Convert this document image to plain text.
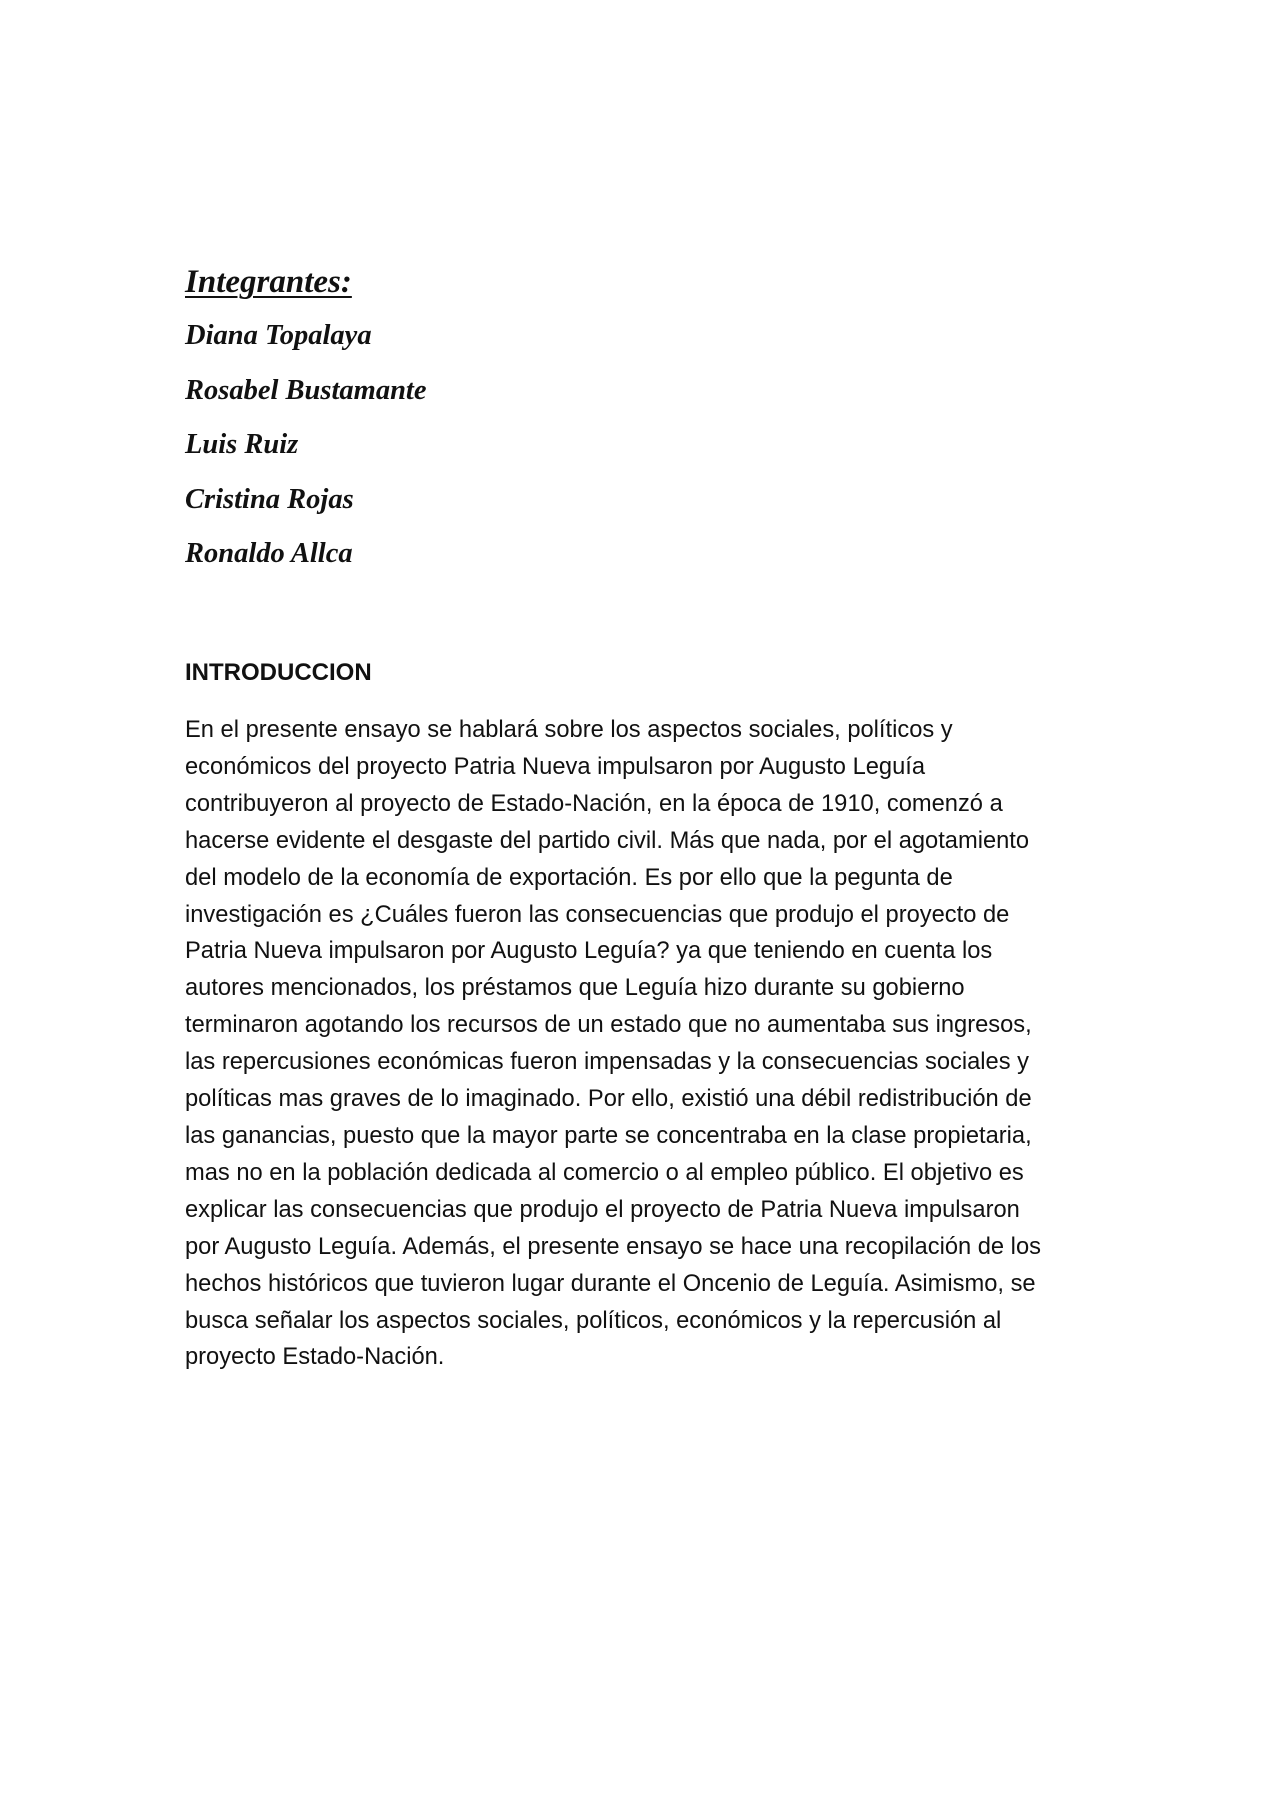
Integrantes:
Diana Topalaya
Rosabel Bustamante
Luis Ruiz
Cristina Rojas
Ronaldo Allca
INTRODUCCION

En el presente ensayo se hablará sobre los aspectos sociales, políticos y
económicos del proyecto Patria Nueva impulsaron por Augusto Leguía
contribuyeron al proyecto de Estado-Nación, en la época de 1910, comenzó a
hacerse evidente el desgaste del partido civil. Más que nada, por el agotamiento
del modelo de la economía de exportación. Es por ello que la pegunta de
investigación es ¿Cuáles fueron las consecuencias que produjo el proyecto de
Patria Nueva impulsaron por Augusto Leguía? ya que teniendo en cuenta los
autores mencionados, los préstamos que Leguía hizo durante su gobierno
terminaron agotando los recursos de un estado que no aumentaba sus ingresos,
las repercusiones económicas fueron impensadas y la consecuencias sociales y
políticas mas graves de lo imaginado. Por ello, existió una débil redistribución de
las ganancias, puesto que la mayor parte se concentraba en la clase propietaria,
mas no en la población dedicada al comercio o al empleo público. El objetivo es
explicar las consecuencias que produjo el proyecto de Patria Nueva impulsaron
por Augusto Leguía. Además, el presente ensayo se hace una recopilación de los
hechos históricos que tuvieron lugar durante el Oncenio de Leguía. Asimismo, se
busca señalar los aspectos sociales, políticos, económicos y la repercusión al
proyecto Estado-Nación.
